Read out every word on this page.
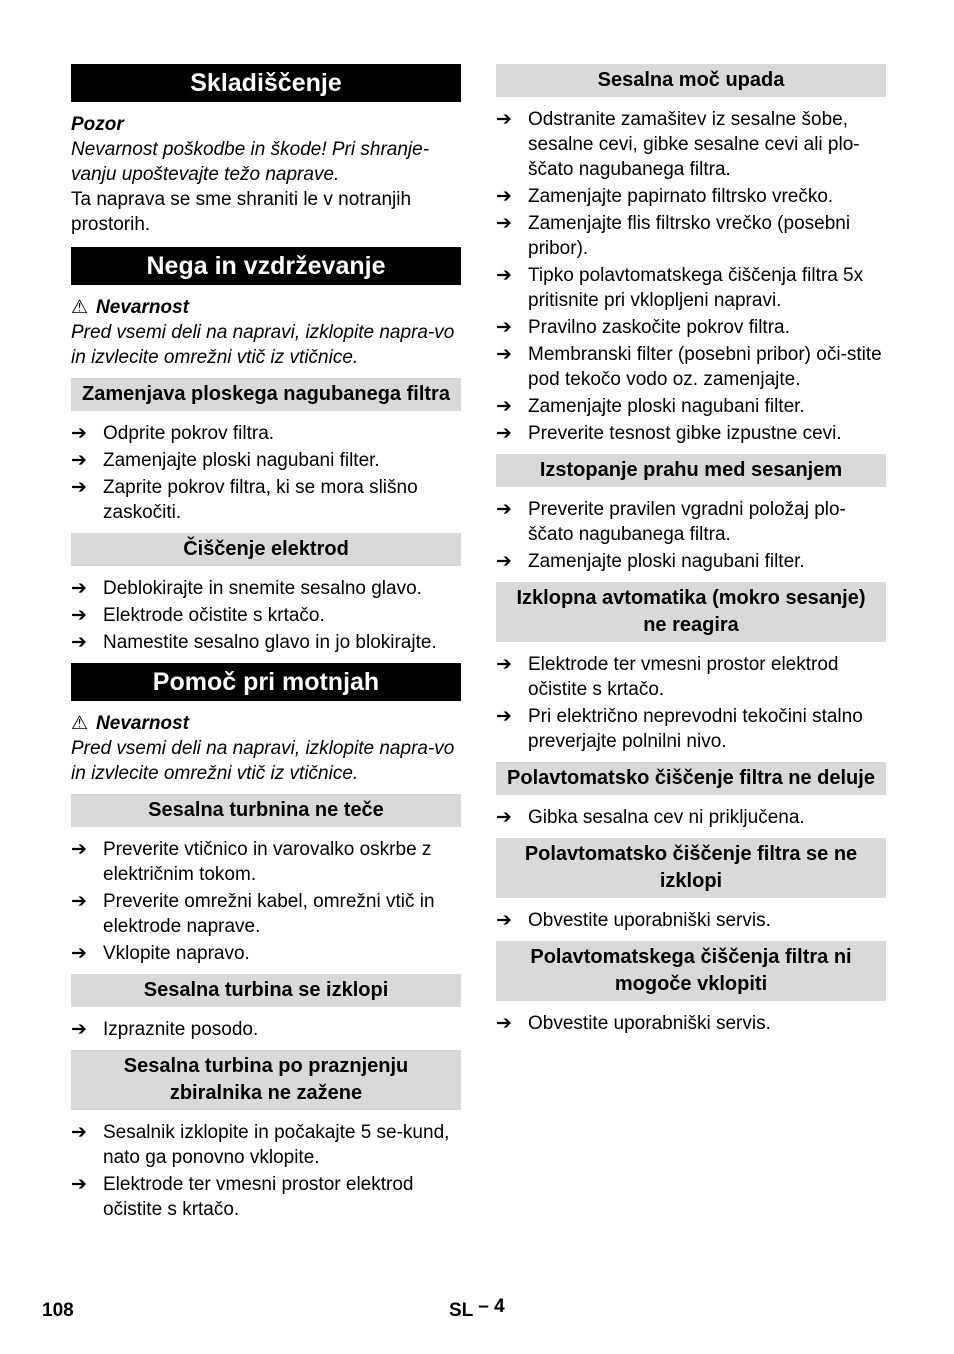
Skladiščenje

Pozor

Nevarnost poškodbe in škode! Pri shranje-vanju upoštevajte težo naprave.

Ta naprava se sme shraniti le v notranjih prostorih.

Nega in vzdrževanje

⚠ Nevarnost

Pred vsemi deli na napravi, izklopite naprа-vo in izvlecite omrežni vtič iz vtičnice.

Zamenjava ploskega nagubanega filtra
➔ Odprite pokrov filtra.
➔ Zamenjajte ploski nagubani filter.
➔ Zaprite pokrov filtra, ki se mora slišno zaskočiti.
Čiščenje elektrod
➔ Deblokirajte in snemite sesalno glavo.
➔ Elektrode očistite s krtačo.
➔ Namestite sesalno glavo in jo blokirajte.
Pomoč pri motnjah

⚠ Nevarnost

Pred vsemi deli na napravi, izklopite naprа-vo in izvlecite omrežni vtič iz vtičnice.

Sesalna turbnina ne teče
➔ Preverite vtičnico in varovalko oskrbe z električnim tokom.
➔ Preverite omrežni kabel, omrežni vtič in elektrode naprave.
➔ Vklopite napravo.
Sesalna turbina se izklopi
➔ Izpraznite posodo.
Sesalna turbina po praznjenju zbiralnika ne zažene
➔ Sesalnik izklopite in počakajte 5 se-kund, nato ga ponovno vklopite.
➔ Elektrode ter vmesni prostor elektrod očistite s krtačo.
Sesalna moč upada
➔ Odstranite zamašitev iz sesalne šobe, sesalne cevi, gibke sesalne cevi ali plo-ščato nagubanega filtra.
➔ Zamenjajte papirnato filtrsko vrečko.
➔ Zamenjajte flis filtrsko vrečko (posebni pribor).
➔ Tipko polavtomatskega čiščenja filtra 5x pritisnite pri vklopljeni napravi.
➔ Pravilno zaskočite pokrov filtra.
➔ Membranski filter (posebni pribor) oči-stite pod tekočo vodo oz. zamenjajte.
➔ Zamenjajte ploski nagubani filter.
➔ Preverite tesnost gibke izpustne cevi.
Izstopanje prahu med sesanjem
➔ Preverite pravilen vgradni položaj plo-ščato nagubanega filtra.
➔ Zamenjajte ploski nagubani filter.
Izklopna avtomatika (mokro sesanje) ne reagira
➔ Elektrode ter vmesni prostor elektrod očistite s krtačo.
➔ Pri električno neprevodni tekočini stalno preverjajte polnilni nivo.
Polavtomatsko čiščenje filtra ne deluje
➔ Gibka sesalna cev ni priključena.
Polavtomatsko čiščenje filtra se ne izklopi
➔ Obvestite uporabniški servis.
Polavtomatskega čiščenja filtra ni mogoče vklopiti
➔ Obvestite uporabniški servis.
108	SL – 4
